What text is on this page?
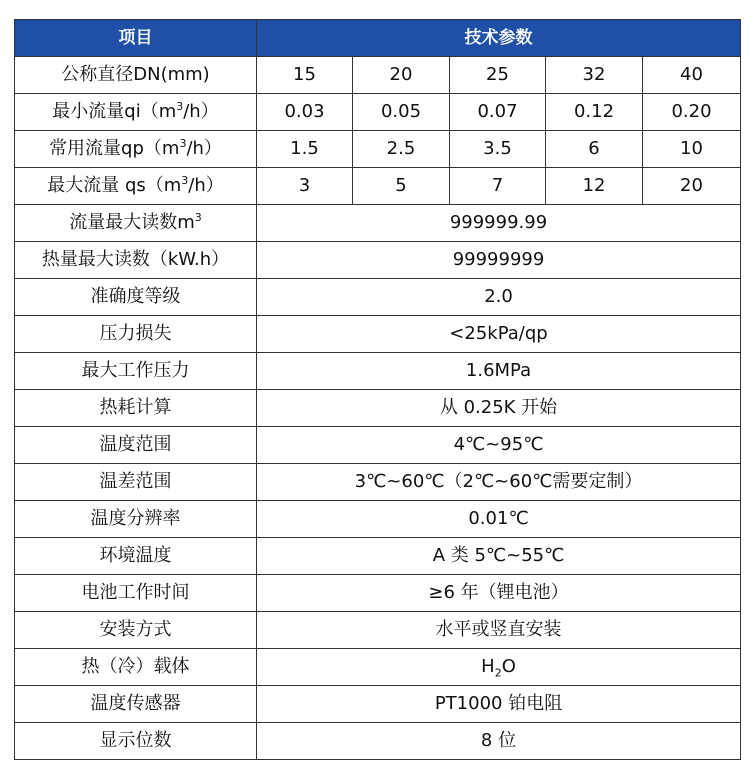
项目	技术参数				
公称直径DN(mm)	15	20	25	32	40
最小流量$qi(m^3/h)$	0.03	0.05	0.07	0.12	0.20
常用流量$qp(m^3/h)$	1.5	2.5	3.5	6	10
最大流量 $qs(m^3/h)$	3	5	7	12	20
流量最大读数$m^3$	999999.99				
热量最大读数（kW.h）	99999999				
准确度等级	2.0				
压力损失	<25kPa/qp				
最大工作压力	1.6MPa				
热耗计算	从 0.25K 开始				
温度范围	4℃~95℃				
温差范围	3℃~60℃（2℃~60℃需要定制）				
温度分辨率	0.01℃				
环境温度	A 类 5℃~55℃				
电池工作时间	≥6 年（锂电池）				
安装方式	水平或竖直安装				
热（冷）载体	$H_2O$				
温度传感器	PT1000 铂电阻				
显示位数	8 位				
